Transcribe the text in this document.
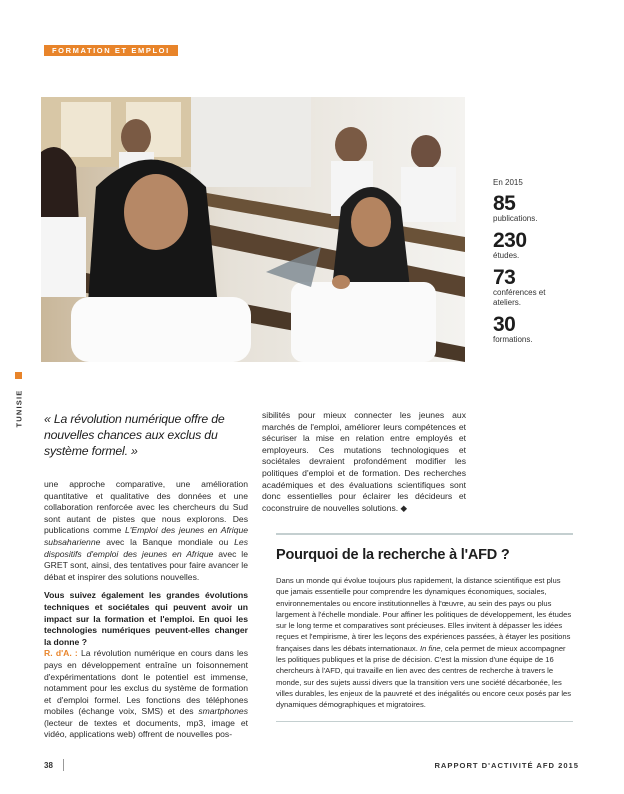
FORMATION ET EMPLOI
TUNISIE
En 2015
85
publications.
230
études.
73
conférences et ateliers.
30
formations.
« La révolution numérique offre de nouvelles chances aux exclus du système formel. »

une approche comparative, une amélioration quantitative et qualitative des données et une collaboration renforcée avec les chercheurs du Sud sont autant de pistes que nous explorons. Des publications comme L'Emploi des jeunes en Afrique subsaharienne avec la Banque mondiale ou Les dispositifs d'emploi des jeunes en Afrique avec le GRET sont, ainsi, des tentatives pour faire avancer le débat et inspirer des solutions nouvelles.

Vous suivez également les grandes évolutions techniques et sociétales qui peuvent avoir un impact sur la formation et l'emploi. En quoi les technologies numériques peuvent-elles changer la donne ?

R. d'A. : La révolution numérique en cours dans les pays en développement entraîne un foisonnement d'expérimentations dont le potentiel est immense, notamment pour les exclus du système de formation et d'emploi formel. Les fonctions des téléphones mobiles (échange voix, SMS) et des smartphones (lecteur de textes et documents, mp3, image et vidéo, applications web) offrent de nouvelles pos-

sibilités pour mieux connecter les jeunes aux marchés de l'emploi, améliorer leurs compétences et sécuriser la mise en relation entre employés et employeurs. Ces mutations technologiques et sociétales devraient profondément modifier les politiques d'emploi et de formation. Des recherches académiques et des évaluations scientifiques sont donc essentielles pour éclairer les décideurs et coconstruire de nouvelles solutions. ◆

Pourquoi de la recherche à l'AFD ?
Dans un monde qui évolue toujours plus rapidement, la distance scientifique est plus que jamais essentielle pour comprendre les dynamiques économiques, sociales, environnementales ou encore institutionnelles à l'œuvre, au sein des pays ou plus largement à l'échelle mondiale. Pour affiner les politiques de développement, les études sur le long terme et comparatives sont précieuses. Elles invitent à dépasser les idées reçues et l'empirisme, à tirer les leçons des expériences passées, à étayer les positions françaises dans les débats internationaux. In fine, cela permet de mieux accompagner les politiques publiques et la prise de décision. C'est la mission d'une équipe de 16 chercheurs à l'AFD, qui travaille en lien avec des centres de recherche à travers le monde, sur des sujets aussi divers que la transition vers une société décarbonée, les villes durables, les enjeux de la pauvreté et des inégalités ou encore ceux posés par les dynamiques démographiques et migratoires.
38	RAPPORT D'ACTIVITÉ AFD 2015
